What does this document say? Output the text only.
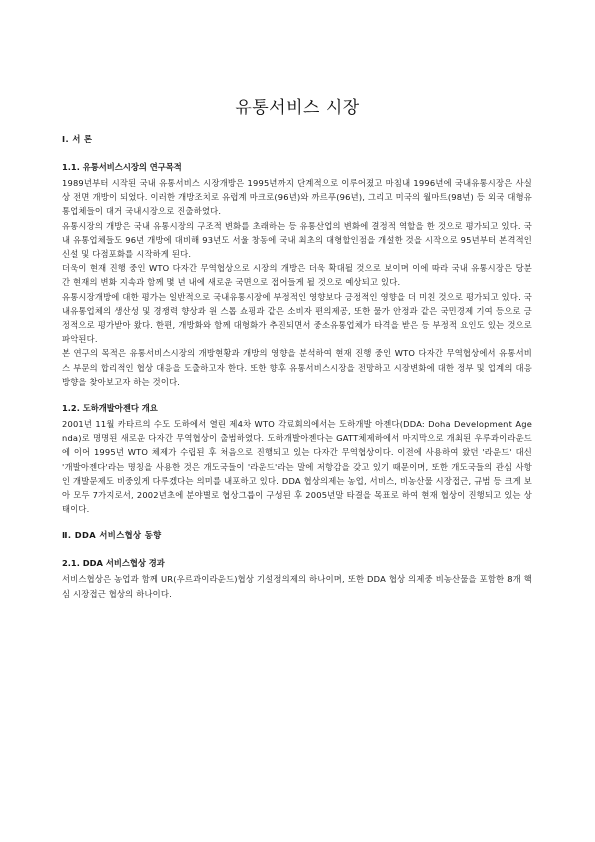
유통서비스 시장

Ⅰ. 서 론

1.1. 유통서비스시장의 연구목적

1989년부터 시작된 국내 유통서비스 시장개방은 1995년까지 단계적으로 이루어졌고 마침내 1996년에 국내유통시장은 사실상 전면 개방이 되었다. 이러한 개방조치로 유럽계 마크로(96년)와 까르푸(96년), 그리고 미국의 월마트(98년) 등 외국 대형유통업체들이 대거 국내시장으로 진출하였다.

유통시장의 개방은 국내 유통시장의 구조적 변화를 초래하는 등 유통산업의 변화에 결정적 역할을 한 것으로 평가되고 있다. 국내 유통업체들도 96년 개방에 대비해 93년도 서울 창동에 국내 최초의 대형할인점을 개설한 것을 시작으로 95년부터 본격적인 신설 및 다점포화를 시작하게 된다.

더욱이 현재 진행 중인 WTO 다자간 무역협상으로 시장의 개방은 더욱 확대될 것으로 보이며 이에 따라 국내 유통시장은 당분간 현재의 변화 지속과 함께 몇 년 내에 새로운 국면으로 접어들게 될 것으로 예상되고 있다.

유통시장개방에 대한 평가는 일반적으로 국내유통시장에 부정적인 영향보다 긍정적인 영향을 더 미친 것으로 평가되고 있다. 국내유통업체의 생산성 및 경쟁력 향상과 원 스톱 쇼핑과 같은 소비자 편의제공, 또한 물가 안정과 같은 국민경제 기여 등으로 긍정적으로 평가받아 왔다. 한편, 개방화와 함께 대형화가 추진되면서 중소유통업체가 타격을 받은 등 부정적 요인도 있는 것으로 파악된다.

본 연구의 목적은 유통서비스시장의 개방현황과 개방의 영향을 분석하여 현재 진행 중인 WTO 다자간 무역협상에서 유통서비스 부문의 합리적인 협상 대응을 도출하고자 한다. 또한 향후 유통서비스시장을 전망하고 시장변화에 대한 정부 및 업계의 대응방향을 찾아보고자 하는 것이다.

1.2. 도하개발아젠다 개요

2001년 11월 카타르의 수도 도하에서 열린 제4차 WTO 각료회의에서는 도하개발 아젠다(DDA: Doha Development Agenda)로 명명된 새로운 다자간 무역협상이 출범하였다. 도하개발아젠다는 GATT체제하에서 마지막으로 개최된 우루과이라운드에 이어 1995년 WTO 체제가 수립된 후 처음으로 진행되고 있는 다자간 무역협상이다. 이전에 사용하여 왔던 '라운드' 대신 '개발아젠다'라는 명칭을 사용한 것은 개도국들이 '라운드'라는 말에 저항감을 갖고 있기 때문이며, 또한 개도국들의 관심 사항인 개발문제도 비중있게 다루겠다는 의미를 내포하고 있다. DDA 협상의제는 농업, 서비스, 비농산물 시장접근, 규범 등 크게 보아 모두 7가지로서, 2002년초에 분야별로 협상그룹이 구성된 후 2005년말 타결을 목표로 하여 현재 협상이 진행되고 있는 상태이다.

Ⅱ. DDA 서비스협상 동향

2.1. DDA 서비스협상 경과

서비스협상은 농업과 함께 UR(우르과이라운드)협상 기설정의제의 하나이며, 또한 DDA 협상 의제중 비농산물을 포함한 8개 핵심 시장접근 협상의 하나이다.
